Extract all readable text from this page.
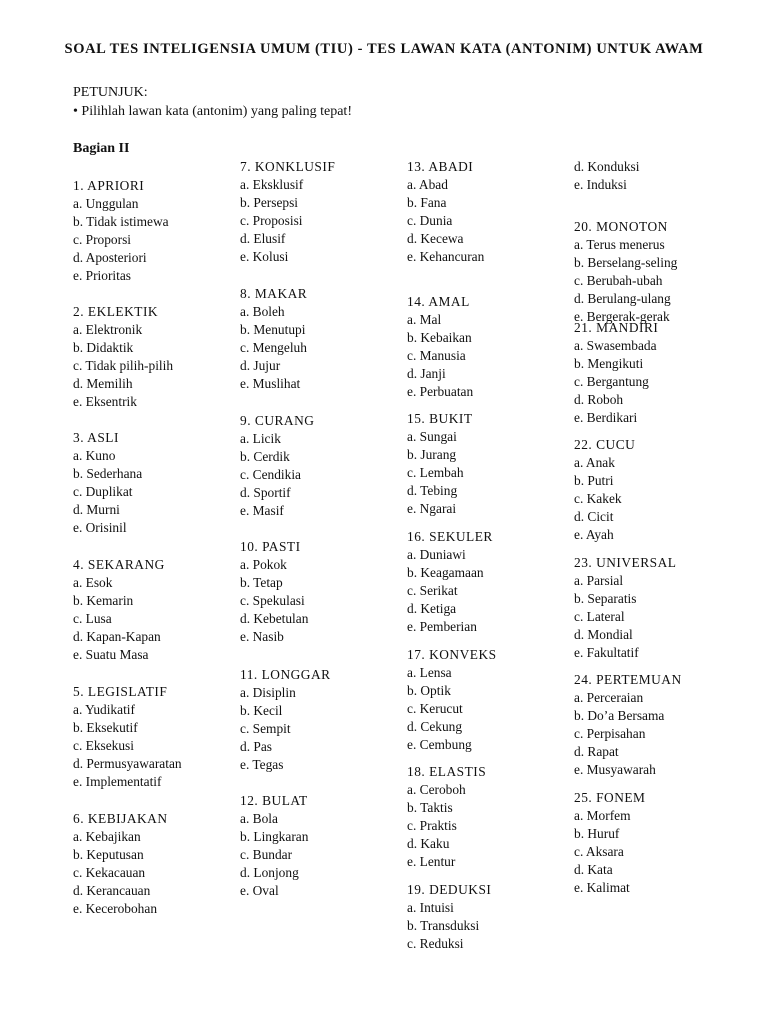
SOAL TES INTELIGENSIA UMUM (TIU) - TES LAWAN KATA (ANTONIM) UNTUK AWAM
PETUNJUK:
• Pilihlah lawan kata (antonim) yang paling tepat!
Bagian II
1. APRIORI
a. Unggulan
b. Tidak istimewa
c. Proporsi
d. Aposteriori
e. Prioritas
2. EKLEKTIK
a. Elektronik
b. Didaktik
c. Tidak pilih-pilih
d. Memilih
e. Eksentrik
3. ASLI
a. Kuno
b. Sederhana
c. Duplikat
d. Murni
e. Orisinil
4. SEKARANG
a. Esok
b. Kemarin
c. Lusa
d. Kapan-Kapan
e. Suatu Masa
5. LEGISLATIF
a. Yudikatif
b. Eksekutif
c. Eksekusi
d. Permusyawaratan
e. Implementatif
6. KEBIJAKAN
a. Kebajikan
b. Keputusan
c. Kekacauan
d. Kerancauan
e. Kecerobohan
7. KONKLUSIF
a. Eksklusif
b. Persepsi
c. Proposisi
d. Elusif
e. Kolusi
8. MAKAR
a. Boleh
b. Menutupi
c. Mengeluh
d. Jujur
e. Muslihat
9. CURANG
a. Licik
b. Cerdik
c. Cendikia
d. Sportif
e. Masif
10. PASTI
a. Pokok
b. Tetap
c. Spekulasi
d. Kebetulan
e. Nasib
11. LONGGAR
a. Disiplin
b. Kecil
c. Sempit
d. Pas
e. Tegas
12. BULAT
a. Bola
b. Lingkaran
c. Bundar
d. Lonjong
e. Oval
13. ABADI
a. Abad
b. Fana
c. Dunia
d. Kecewa
e. Kehancuran
14. AMAL
a. Mal
b. Kebaikan
c. Manusia
d. Janji
e. Perbuatan
15. BUKIT
a. Sungai
b. Jurang
c. Lembah
d. Tebing
e. Ngarai
16. SEKULER
a. Duniawi
b. Keagamaan
c. Serikat
d. Ketiga
e. Pemberian
17. KONVEKS
a. Lensa
b. Optik
c. Kerucut
d. Cekung
e. Cembung
18. ELASTIS
a. Ceroboh
b. Taktis
c. Praktis
d. Kaku
e. Lentur
19. DEDUKSI
a. Intuisi
b. Transduksi
c. Reduksi
d. Konduksi
e. Induksi
20. MONOTON
a. Terus menerus
b. Berselang-seling
c. Berubah-ubah
d. Berulang-ulang
e. Bergerak-gerak
21. MANDIRI
a. Swasembada
b. Mengikuti
c. Bergantung
d. Roboh
e. Berdikari
22. CUCU
a. Anak
b. Putri
c. Kakek
d. Cicit
e. Ayah
23. UNIVERSAL
a. Parsial
b. Separatis
c. Lateral
d. Mondial
e. Fakultatif
24. PERTEMUAN
a. Perceraian
b. Do’a Bersama
c. Perpisahan
d. Rapat
e. Musyawarah
25. FONEM
a. Morfem
b. Huruf
c. Aksara
d. Kata
e. Kalimat
